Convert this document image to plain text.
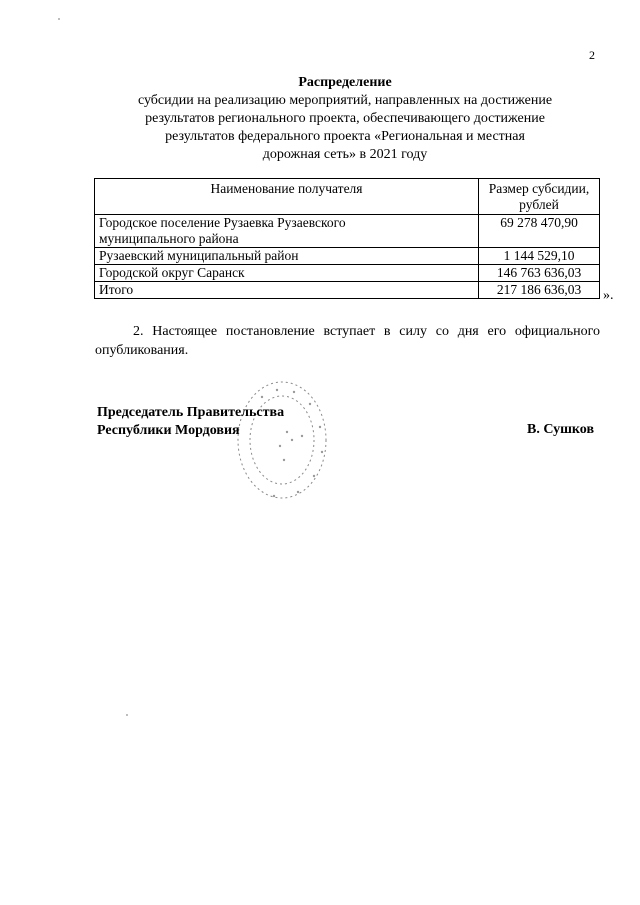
2
Распределение
субсидии на реализацию мероприятий, направленных на достижение
результатов регионального проекта, обеспечивающего достижение
результатов федерального проекта «Региональная и местная
дорожная сеть» в 2021 году
Наименование получателя	Размер субсидии,
рублей

Городское поселение Рузаевка Рузаевского
муниципального района	69 278 470,90
Рузаевский муниципальный район	1 144 529,10
Городской округ Саранск	146 763 636,03
Итого	217 186 636,03 ».
2. Настоящее постановление вступает в силу со дня его официального опубликования.
Председатель Правительства
Республики Мордовия	В. Сушков
